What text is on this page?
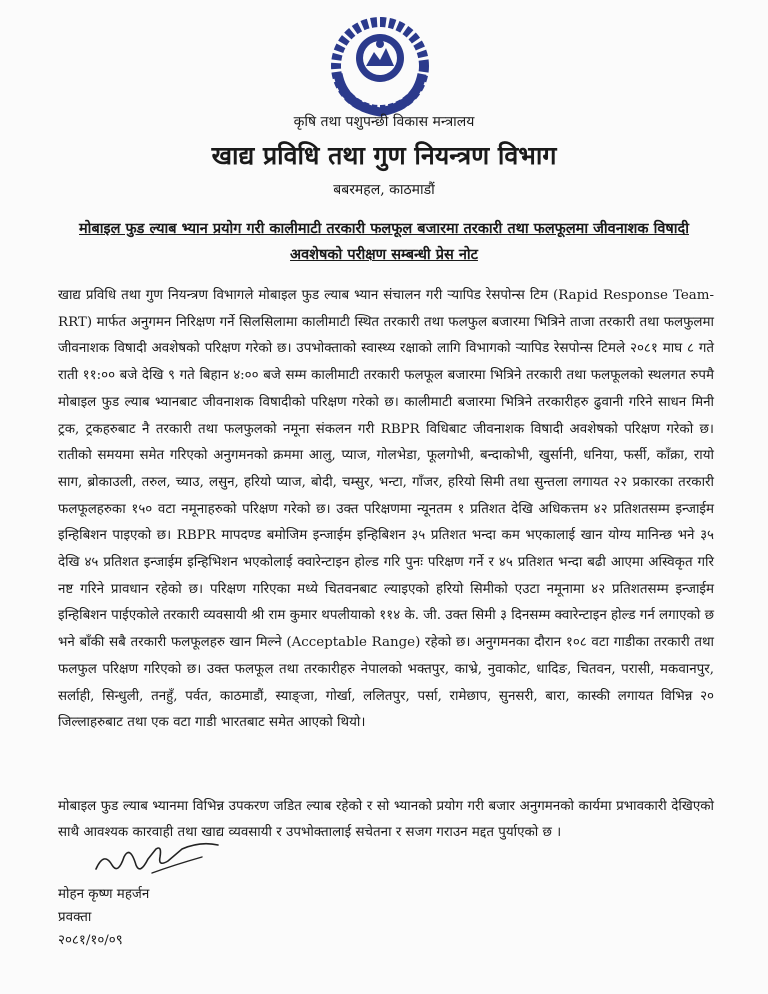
कृषि तथा पशुपन्छी विकास मन्त्रालय
खाद्य प्रविधि तथा गुण नियन्त्रण विभाग
बबरमहल, काठमाडौं
मोबाइल फुड ल्याब भ्यान प्रयोग गरी कालीमाटी तरकारी फलफूल बजारमा तरकारी तथा फलफूलमा जीवनाशक विषादी अवशेषको परीक्षण सम्बन्धी प्रेस नोट
खाद्य प्रविधि तथा गुण नियन्त्रण विभागले मोबाइल फुड ल्याब भ्यान संचालन गरी र्‍यापिड रेसपोन्स टिम (Rapid Response Team- RRT) मार्फत अनुगमन निरिक्षण गर्ने सिलसिलामा कालीमाटी स्थित तरकारी तथा फलफुल बजारमा भित्रिने ताजा तरकारी तथा फलफुलमा जीवनाशक विषादी अवशेषको परिक्षण गरेको छ। उपभोक्ताको स्वास्थ्य रक्षाको लागि विभागको र्‍यापिड रेसपोन्स टिमले २०८१ माघ ८ गते राती ११:०० बजे देखि ९ गते बिहान ४:०० बजे सम्म कालीमाटी तरकारी फलफूल बजारमा भित्रिने तरकारी तथा फलफूलको स्थलगत रुपमै मोबाइल फुड ल्याब भ्यानबाट जीवनाशक विषादीको परिक्षण गरेको छ। कालीमाटी बजारमा भित्रिने तरकारीहरु ढुवानी गरिने साधन मिनी ट्रक, ट्रकहरुबाट नै तरकारी तथा फलफुलको नमूना संकलन गरी RBPR विधिबाट जीवनाशक विषादी अवशेषको परिक्षण गरेको छ। रातीको समयमा समेत गरिएको अनुगमनको क्रममा आलु, प्याज, गोलभेडा, फूलगोभी, बन्दाकोभी, खुर्सानी, धनिया, फर्सी, काँक्रा, रायो साग, ब्रोकाउली, तरुल, च्याउ, लसुन, हरियो प्याज, बोदी, चम्सुर, भन्टा, गाँजर, हरियो सिमी तथा सुन्तला लगायत २२ प्रकारका तरकारी फलफूलहरुका १५० वटा नमूनाहरुको परिक्षण गरेको छ। उक्त परिक्षणमा न्यूनतम १ प्रतिशत देखि अधिकत्तम ४२ प्रतिशतसम्म इन्जाईम इन्हिबिशन पाइएको छ। RBPR मापदण्ड बमोजिम इन्जाईम इन्हिबिशन ३५ प्रतिशत भन्दा कम भएकालाई खान योग्य मानिन्छ भने ३५ देखि ४५ प्रतिशत इन्जाईम इन्हिभिशन भएकोलाई क्वारेन्टाइन होल्ड गरि पुनः परिक्षण गर्ने र ४५ प्रतिशत भन्दा बढी आएमा अस्विकृत गरि नष्ट गरिने प्रावधान रहेको छ। परिक्षण गरिएका मध्ये चितवनबाट ल्याइएको हरियो सिमीको एउटा नमूनामा ४२ प्रतिशतसम्म इन्जाईम इन्हिबिशन पाईएकोले तरकारी व्यवसायी श्री राम कुमार थपलीयाको ११४ के. जी. उक्त सिमी ३ दिनसम्म क्वारेन्टाइन होल्ड गर्न लगाएको छ भने बाँकी सबै तरकारी फलफूलहरु खान मिल्ने (Acceptable Range) रहेको छ। अनुगमनका दौरान १०८ वटा गाडीका तरकारी तथा फलफुल परिक्षण गरिएको छ। उक्त फलफूल तथा तरकारीहरु नेपालको भक्तपुर, काभ्रे, नुवाकोट, धादिङ, चितवन, परासी, मकवानपुर, सर्लाही, सिन्धुली, तनहुँ, पर्वत, काठमाडौं, स्याङ्जा, गोर्खा, ललितपुर, पर्सा, रामेछाप, सुनसरी, बारा, कास्की लगायत विभिन्न २० जिल्लाहरुबाट तथा एक वटा गाडी भारतबाट समेत आएको थियो।
मोबाइल फुड ल्याब भ्यानमा विभिन्न उपकरण जडित ल्याब रहेको र सो भ्यानको प्रयोग गरी बजार अनुगमनको कार्यमा प्रभावकारी देखिएको साथै आवश्यक कारवाही तथा खाद्य व्यवसायी र उपभोक्तालाई सचेतना र सजग गराउन मद्दत पुर्याएको छ ।
मोहन कृष्ण महर्जन
प्रवक्ता
२०८१/१०/०९
